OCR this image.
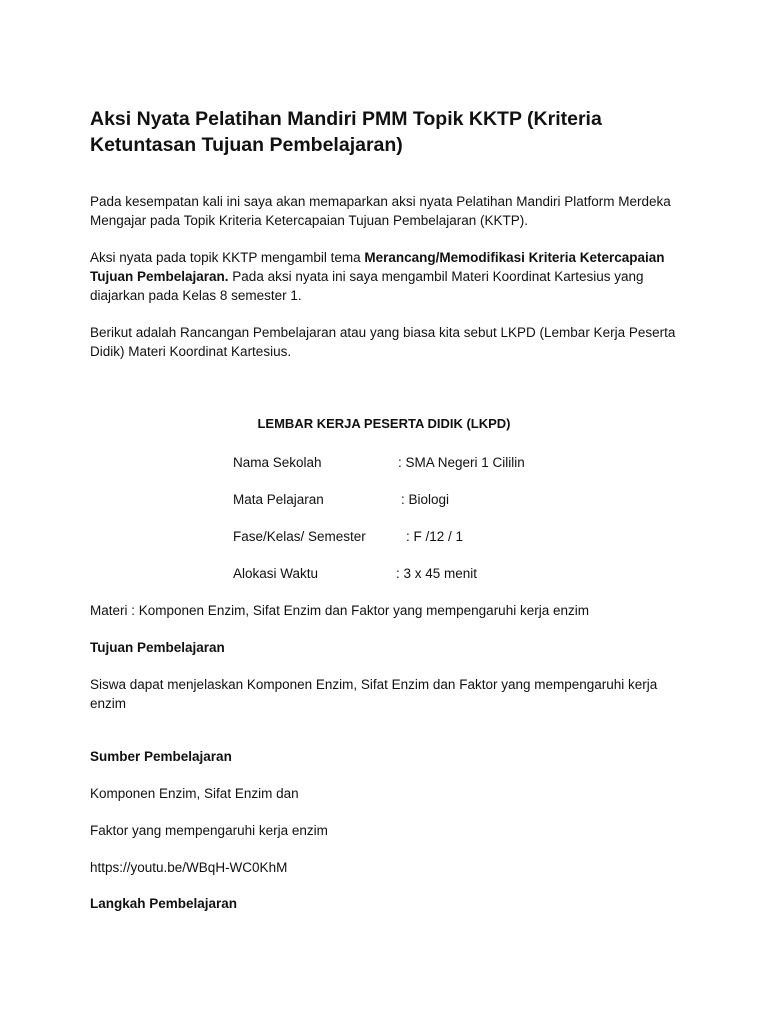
Aksi Nyata Pelatihan Mandiri PMM Topik KKTP (Kriteria Ketuntasan Tujuan Pembelajaran)
Pada kesempatan kali ini saya akan memaparkan aksi nyata Pelatihan Mandiri Platform Merdeka Mengajar pada Topik Kriteria Ketercapaian Tujuan Pembelajaran (KKTP).
Aksi nyata pada topik KKTP mengambil tema Merancang/Memodifikasi Kriteria Ketercapaian Tujuan Pembelajaran. Pada aksi nyata ini saya mengambil Materi Koordinat Kartesius yang diajarkan pada Kelas 8 semester 1.
Berikut adalah Rancangan Pembelajaran atau yang biasa kita sebut LKPD (Lembar Kerja Peserta Didik) Materi Koordinat Kartesius.
LEMBAR KERJA PESERTA DIDIK (LKPD)
Nama Sekolah	: SMA Negeri 1 Cililin
Mata Pelajaran	: Biologi
Fase/Kelas/ Semester	: F /12 / 1
Alokasi Waktu	: 3 x 45 menit
Materi : Komponen Enzim, Sifat Enzim dan Faktor yang mempengaruhi kerja enzim
Tujuan Pembelajaran
Siswa dapat menjelaskan Komponen Enzim, Sifat Enzim dan Faktor yang mempengaruhi kerja enzim
Sumber Pembelajaran
Komponen Enzim, Sifat Enzim dan
Faktor yang mempengaruhi kerja enzim
https://youtu.be/WBqH-WC0KhM
Langkah Pembelajaran
